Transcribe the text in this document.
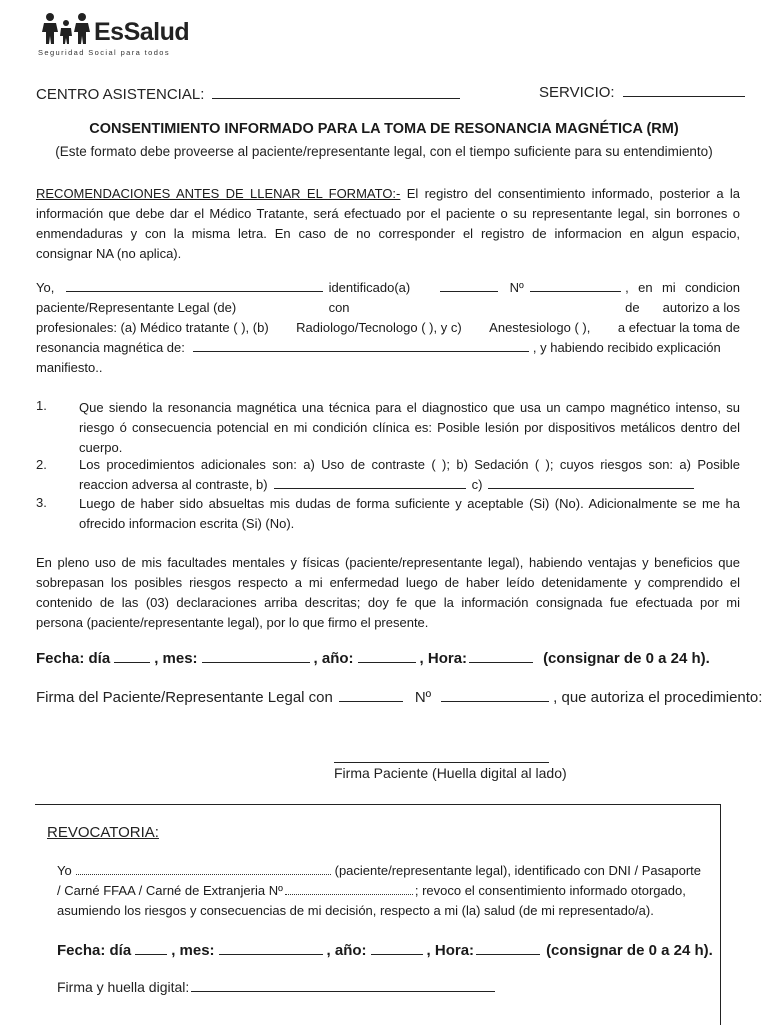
EsSalud
Seguridad Social para todos
CENTRO ASISTENCIAL:	SERVICIO:
CONSENTIMIENTO INFORMADO PARA LA TOMA DE RESONANCIA MAGNÉTICA (RM)
(Este formato debe proveerse al paciente/representante legal, con el tiempo suficiente para su entendimiento)
RECOMENDACIONES ANTES DE LLENAR EL FORMATO:- El registro del consentimiento informado, posterior a la
información que debe dar el Médico Tratante, será efectuado por el paciente o su representante legal, sin borrones o
enmendaduras y con la misma letra. En caso de no corresponder el registro de informacion en algun espacio,
consignar NA (no aplica).
Yo,	identificado(a) con
Nº	, en mi condicion de
paciente/Representante Legal (de)	autorizo a los
profesionales: (a) Médico tratante ( ), (b) Radiologo/Tecnologo ( ), y c) Anestesiologo ( ), a efectuar la toma de
resonancia magnética de:	, y habiendo recibido explicación
manifiesto..
1. Que siendo la resonancia magnética una técnica para el diagnostico que usa un campo magnético intenso, su
riesgo ó consecuencia potencial en mi condición clínica es: Posible lesión por dispositivos metálicos dentro del
cuerpo.
2. Los procedimientos adicionales son: a) Uso de contraste ( ); b) Sedación ( ); cuyos riesgos son: a) Posible
reaccion adversa al contraste, b)	c)
3. Luego de haber sido absueltas mis dudas de forma suficiente y aceptable (Si) (No). Adicionalmente se me ha
ofrecido informacion escrita (Si) (No).
En pleno uso de mis facultades mentales y físicas (paciente/representante legal), habiendo ventajas y beneficios que
sobrepasan los posibles riesgos respecto a mi enfermedad luego de haber leído detenidamente y comprendido el
contenido de las (03) declaraciones arriba descritas; doy fe que la información consignada fue efectuada por mi
persona (paciente/representante legal), por lo que firmo el presente.
Fecha: día	, mes:	, año:	, Hora:	(consignar de 0 a 24 h).
Firma del Paciente/Representante Legal con	Nº	, que autoriza el procedimiento:
Firma Paciente (Huella digital al lado)
REVOCATORIA:
Yo	(paciente/representante legal), identificado con DNI / Pasaporte
/ Carné FFAA / Carné de Extranjeria Nº	; revoco el consentimiento informado otorgado,
asumiendo los riesgos y consecuencias de mi decisión, respecto a mi (la) salud (de mi representado/a).
Fecha: día	, mes:	, año:	, Hora:	(consignar de 0 a 24 h).
Firma y huella digital:
